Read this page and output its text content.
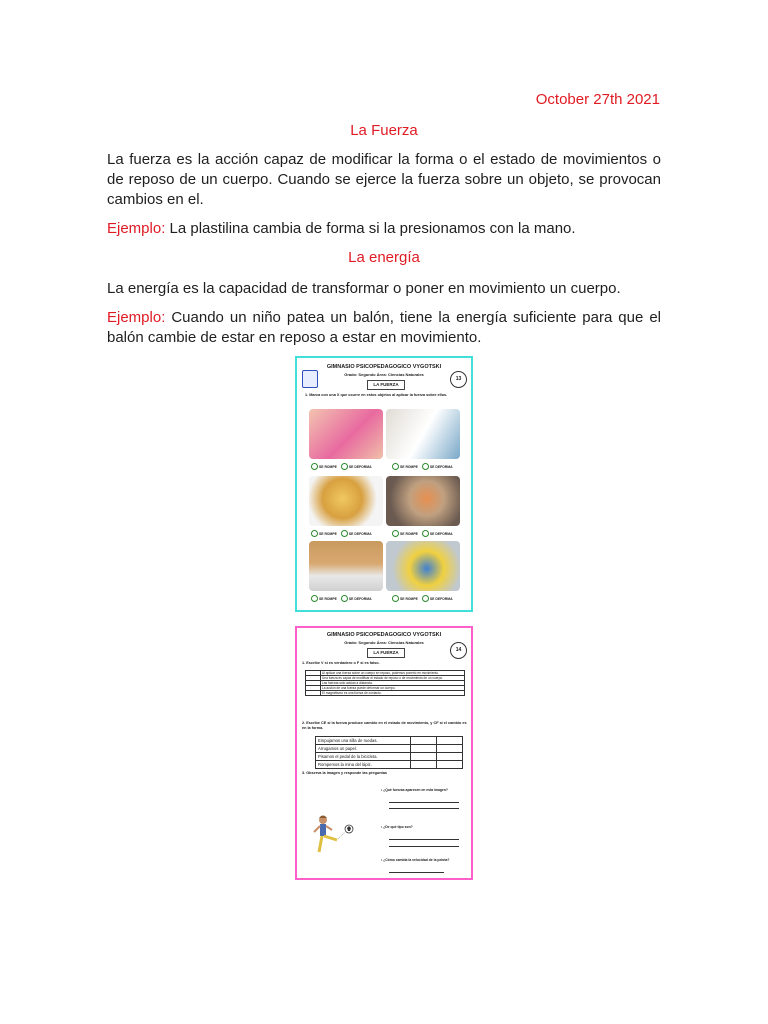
October 27th 2021
La Fuerza
La fuerza es la acción capaz de modificar la forma o el estado de movimientos o de reposo de un cuerpo. Cuando se ejerce la fuerza sobre un objeto, se provocan cambios en el.
Ejemplo: La plastilina cambia de forma si la presionamos con la mano.
La energía
La energía es la capacidad de transformar o poner en movimiento un cuerpo.
Ejemplo: Cuando un niño patea un balón, tiene la energía suficiente para que el balón cambie de estar en reposo a estar en movimiento.
GIMNASIO PSICOPEDAGOGICO VYGOTSKI
Grado: Segundo Área: Ciencias Naturales
LA FUERZA
13
1. Marca con una X que ocurre en estos objetos al aplicar la fuerza sobre ellos.
SE ROMPE	SE DEFORMA	SE ROMPE	SE DEFORMA
SE ROMPE	SE DEFORMA	SE ROMPE	SE DEFORMA
SE ROMPE	SE DEFORMA	SE ROMPE	SE DEFORMA
GIMNASIO PSICOPEDAGOGICO VYGOTSKI
Grado: Segundo Área: Ciencias Naturales
LA FUERZA	14
1. Escribe V si es verdadero o F si es falso.
Al aplicar una fuerza sobre un cuerpo en reposo, podemos ponerlo en movimiento.
Una fuerza es capaz de modificar el estado de reposo o de movimiento de un cuerpo.
Las fuerzas solo actúan a distancia.
La acción de una fuerza puede deformar un cuerpo.
El magnetismo es una fuerza de contacto.
2. Escribe CE si la fuerza produce cambio en el estado de movimiento, y CF si el cambio es en la forma.
Empujamos una silla de ruedas.
Arrugamos un papel.
Pisamos el pedal de la bicicleta.
Rompemos la mina del lápiz.
3. Observa la imagen y responde las preguntas
• ¿Qué fuerzas aparecen en esta imagen?
• ¿De qué tipo son?
• ¿Cómo cambia la velocidad de la pelota?
